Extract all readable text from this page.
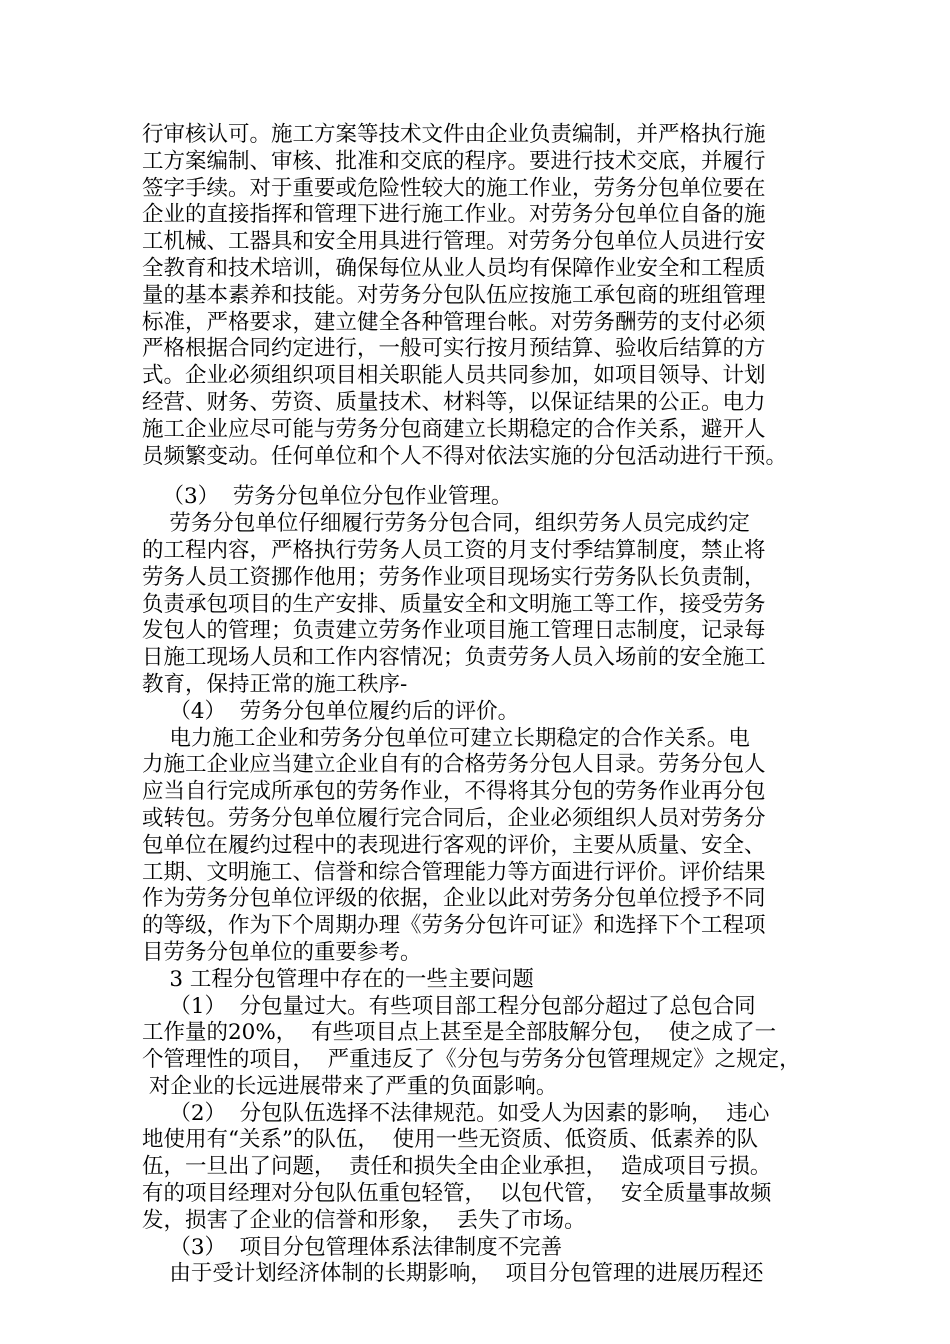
行审核认可。施工方案等技术文件由企业负责编制，并严格执行施
工方案编制、审核、批准和交底的程序。要进行技术交底，并履行
签字手续。对于重要或危险性较大的施工作业，劳务分包单位要在
企业的直接指挥和管理下进行施工作业。对劳务分包单位自备的施
工机械、工器具和安全用具进行管理。对劳务分包单位人员进行安
全教育和技术培训，确保每位从业人员均有保障作业安全和工程质
量的基本素养和技能。对劳务分包队伍应按施工承包商的班组管理
标准，严格要求，建立健全各种管理台帐。对劳务酬劳的支付必须
严格根据合同约定进行，一般可实行按月预结算、验收后结算的方
式。企业必须组织项目相关职能人员共同参加，如项目领导、计划
经营、财务、劳资、质量技术、材料等，以保证结果的公正。电力
施工企业应尽可能与劳务分包商建立长期稳定的合作关系，避开人
员频繁变动。任何单位和个人不得对依法实施的分包活动进行干预。
（3）  劳务分包单位分包作业管理。
劳务分包单位仔细履行劳务分包合同，组织劳务人员完成约定
的工程内容，严格执行劳务人员工资的月支付季结算制度，禁止将
劳务人员工资挪作他用；劳务作业项目现场实行劳务队长负责制，
负责承包项目的生产安排、质量安全和文明施工等工作，接受劳务
发包人的管理；负责建立劳务作业项目施工管理日志制度，记录每
日施工现场人员和工作内容情况；负责劳务人员入场前的安全施工
教育，保持正常的施工秩序-
（4）  劳务分包单位履约后的评价。
电力施工企业和劳务分包单位可建立长期稳定的合作关系。电
力施工企业应当建立企业自有的合格劳务分包人目录。劳务分包人
应当自行完成所承包的劳务作业，不得将其分包的劳务作业再分包
或转包。劳务分包单位履行完合同后，企业必须组织人员对劳务分
包单位在履约过程中的表现进行客观的评价，主要从质量、安全、
工期、文明施工、信誉和综合管理能力等方面进行评价。评价结果
作为劳务分包单位评级的依据，企业以此对劳务分包单位授予不同
的等级，作为下个周期办理《劳务分包许可证》和选择下个工程项
目劳务分包单位的重要参考。
3 工程分包管理中存在的一些主要问题
（1）  分包量过大。有些项目部工程分包部分超过了总包合同
工作量的20%，  有些项目点上甚至是全部肢解分包，  使之成了一
个管理性的项目，  严重违反了《分包与劳务分包管理规定》之规定，
对企业的长远进展带来了严重的负面影响。
（2）  分包队伍选择不法律规范。如受人为因素的影响，  违心
地使用有“关系”的队伍，  使用一些无资质、低资质、低素养的队
伍，一旦出了问题，  责任和损失全由企业承担，  造成项目亏损。
有的项目经理对分包队伍重包轻管，  以包代管，  安全质量事故频
发，损害了企业的信誉和形象，  丢失了市场。
（3）  项目分包管理体系法律制度不完善
由于受计划经济体制的长期影响，  项目分包管理的进展历程还
